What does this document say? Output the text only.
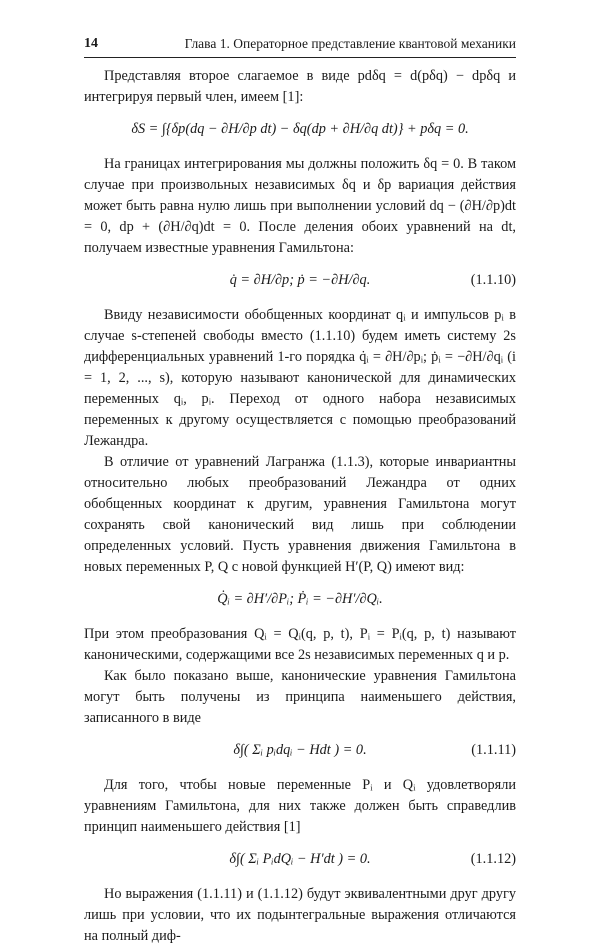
14	Глава 1. Операторное представление квантовой механики

Представляя второе слагаемое в виде pdδq = d(pδq) − dpδq и интегрируя первый член, имеем [1]:

δS = ∫{δp(dq − ∂H/∂p dt) − δq(dp + ∂H/∂q dt)} + pδq = 0.

На границах интегрирования мы должны положить δq = 0. В таком случае при произвольных независимых δq и δp вариация действия может быть равна нулю лишь при выполнении условий dq − (∂H/∂p)dt = 0, dp + (∂H/∂q)dt = 0. После деления обоих уравнений на dt, получаем известные уравнения Гамильтона:

q̇ = ∂H/∂p; ṗ = −∂H/∂q.	(1.1.10)

Ввиду независимости обобщенных координат qᵢ и импульсов pᵢ в случае s-степеней свободы вместо (1.1.10) будем иметь систему 2s дифференциальных уравнений 1-го порядка q̇ᵢ = ∂H/∂pᵢ; ṗᵢ = −∂H/∂qᵢ (i = 1, 2, ..., s), которую называют канонической для динамических переменных qᵢ, pᵢ. Переход от одного набора независимых переменных к другому осуществляется с помощью преобразований Лежандра.

В отличие от уравнений Лагранжа (1.1.3), которые инвариантны относительно любых преобразований Лежандра от одних обобщенных координат к другим, уравнения Гамильтона могут сохранять свой канонический вид лишь при соблюдении определенных условий. Пусть уравнения движения Гамильтона в новых переменных P, Q с новой функцией H′(P, Q) имеют вид:

Q̇ᵢ = ∂H′/∂Pᵢ; Ṗᵢ = −∂H′/∂Qᵢ.

При этом преобразования Qᵢ = Qᵢ(q, p, t), Pᵢ = Pᵢ(q, p, t) называют каноническими, содержащими все 2s независимых переменных q и p.

Как было показано выше, канонические уравнения Гамильтона могут быть получены из принципа наименьшего действия, записанного в виде

δ∫( Σᵢ pᵢdqᵢ − Hdt ) = 0.	(1.1.11)

Для того, чтобы новые переменные Pᵢ и Qᵢ удовлетворяли уравнениям Гамильтона, для них также должен быть справедлив принцип наименьшего действия [1]

δ∫( Σᵢ PᵢdQᵢ − H′dt ) = 0.	(1.1.12)

Но выражения (1.1.11) и (1.1.12) будут эквивалентными друг другу лишь при условии, что их подынтегральные выражения отличаются на полный диф-
